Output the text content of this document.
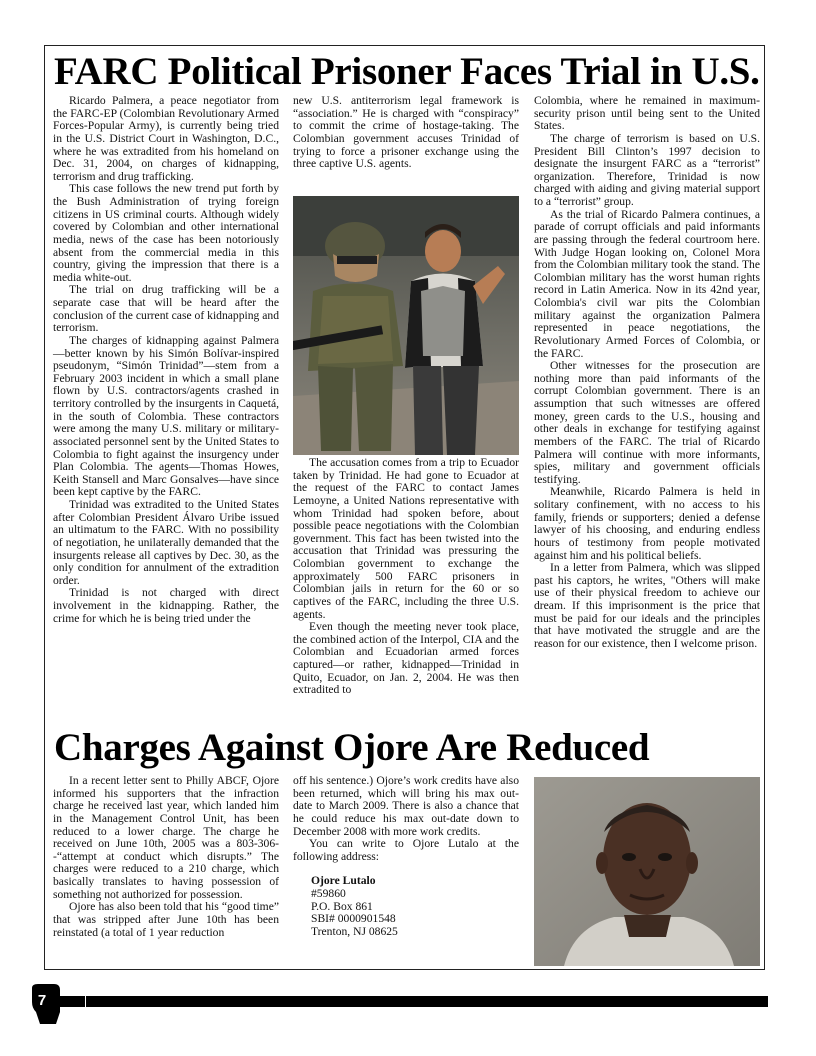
FARC Political Prisoner Faces Trial in U.S.

Ricardo Palmera, a peace negotiator from the FARC-EP (Colombian Revolutionary Armed Forces-Popular Army), is currently being tried in the U.S. District Court in Washington, D.C., where he was extradited from his homeland on Dec. 31, 2004, on charges of kidnapping, terrorism and drug trafficking.

This case follows the new trend put forth by the Bush Administration of trying foreign citizens in US criminal courts. Although widely covered by Colombian and other international media, news of the case has been notoriously absent from the commercial media in this country, giving the impression that there is a media white-out.

The trial on drug trafficking will be a separate case that will be heard after the conclusion of the current case of kidnapping and terrorism.

The charges of kidnapping against Palmera—better known by his Simón Bolívar-inspired pseudonym, “Simón Trinidad”—stem from a February 2003 incident in which a small plane flown by U.S. contractors/agents crashed in territory controlled by the insurgents in Caquetá, in the south of Colombia. These contractors were among the many U.S. military or military-associated personnel sent by the United States to Colombia to fight against the insurgency under Plan Colombia. The agents—Thomas Howes, Keith Stansell and Marc Gonsalves—have since been kept captive by the FARC.

Trinidad was extradited to the United States after Colombian President Álvaro Uribe issued an ultimatum to the FARC. With no possibility of negotiation, he unilaterally demanded that the insurgents release all captives by Dec. 30, as the only condition for annulment of the extradition order.

Trinidad is not charged with direct involvement in the kidnapping. Rather, the crime for which he is being tried under the

new U.S. antiterrorism legal framework is “association.” He is charged with “conspiracy” to commit the crime of hostage-taking. The Colombian government accuses Trinidad of trying to force a prisoner exchange using the three captive U.S. agents.

The accusation comes from a trip to Ecuador taken by Trinidad. He had gone to Ecuador at the request of the FARC to contact James Lemoyne, a United Nations representative with whom Trinidad had spoken before, about possible peace negotiations with the Colombian government. This fact has been twisted into the accusation that Trinidad was pressuring the Colombian government to exchange the approximately 500 FARC prisoners in Colombian jails in return for the 60 or so captives of the FARC, including the three U.S. agents.

Even though the meeting never took place, the combined action of the Interpol, CIA and the Colombian and Ecuadorian armed forces captured—or rather, kidnapped—Trinidad in Quito, Ecuador, on Jan. 2, 2004. He was then extradited to

Colombia, where he remained in maximum-security prison until being sent to the United States.

The charge of terrorism is based on U.S. President Bill Clinton’s 1997 decision to designate the insurgent FARC as a “terrorist” organization. Therefore, Trinidad is now charged with aiding and giving material support to a “terrorist” group.

As the trial of Ricardo Palmera continues, a parade of corrupt officials and paid informants are passing through the federal courtroom here. With Judge Hogan looking on, Colonel Mora from the Colombian military took the stand. The Colombian military has the worst human rights record in Latin America. Now in its 42nd year, Colombia's civil war pits the Colombian military against the organization Palmera represented in peace negotiations, the Revolutionary Armed Forces of Colombia, or the FARC.

Other witnesses for the prosecution are nothing more than paid informants of the corrupt Colombian government. There is an assumption that such witnesses are offered money, green cards to the U.S., housing and other deals in exchange for testifying against members of the FARC. The trial of Ricardo Palmera will continue with more informants, spies, military and government officials testifying.

Meanwhile, Ricardo Palmera is held in solitary confinement, with no access to his family, friends or supporters; denied a defense lawyer of his choosing, and enduring endless hours of testimony from people motivated against him and his political beliefs.

In a letter from Palmera, which was slipped past his captors, he writes, "Others will make use of their physical freedom to achieve our dream. If this imprisonment is the price that must be paid for our ideals and the principles that have motivated the struggle and are the reason for our existence, then I welcome prison.

Charges Against Ojore Are Reduced

In a recent letter sent to Philly ABCF, Ojore informed his supporters that the infraction charge he received last year, which landed him in the Management Control Unit, has been reduced to a lower charge. The charge he received on June 10th, 2005 was a 803-306--“attempt at conduct which disrupts.” The charges were reduced to a 210 charge, which basically translates to having possession of something not authorized for possession.

Ojore has also been told that his “good time” that was stripped after June 10th has been reinstated (a total of 1 year reduction

off his sentence.) Ojore’s work credits have also been returned, which will bring his max out-date to March 2009. There is also a chance that he could reduce his max out-date down to December 2008 with more work credits.

You can write to Ojore Lutalo at the following address:

Ojore Lutalo

#59860

P.O. Box 861

SBI# 0000901548

Trenton, NJ 08625

7
